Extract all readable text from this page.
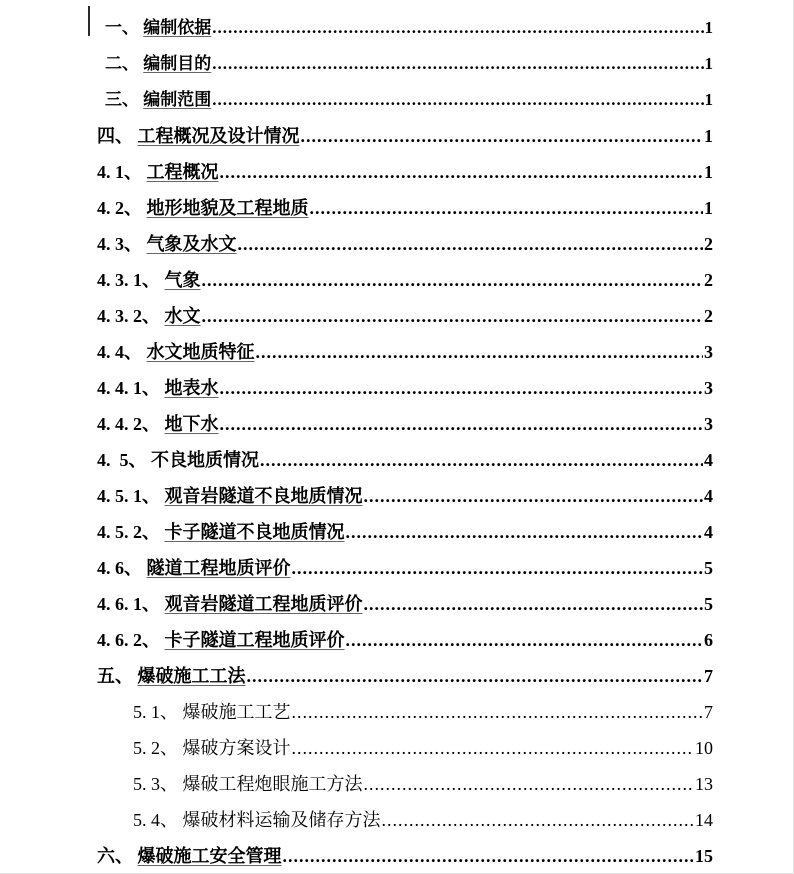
一、 编制依据 .....	1
二、 编制目的 .....	1
三、 编制范围 .....	1
四、 工程概况及设计情况 .....	1
4. 1、 工程概况 .....	1
4. 2、 地形地貌及工程地质 .....	1
4. 3、 气象及水文 .....	2
4. 3. 1、 气象 .....	2
4. 3. 2、 水文 .....	2
4. 4、 水文地质特征 .....	3
4. 4. 1、 地表水 .....	3
4. 4. 2、 地下水 .....	3
4.  5、 不良地质情况 .....	4
4. 5. 1、 观音岩隧道不良地质情况 .....	4
4. 5. 2、 卡子隧道不良地质情况 .....	4
4. 6、 隧道工程地质评价 .....	5
4. 6. 1、 观音岩隧道工程地质评价 .....	5
4. 6. 2、 卡子隧道工程地质评价 .....	6
五、 爆破施工工法 .....	7
5. 1、 爆破施工工艺 .....	7
5. 2、 爆破方案设计 .....	10
5. 3、 爆破工程炮眼施工方法 .....	13
5. 4、 爆破材料运输及储存方法 .....	14
六、 爆破施工安全管理 .....	15
